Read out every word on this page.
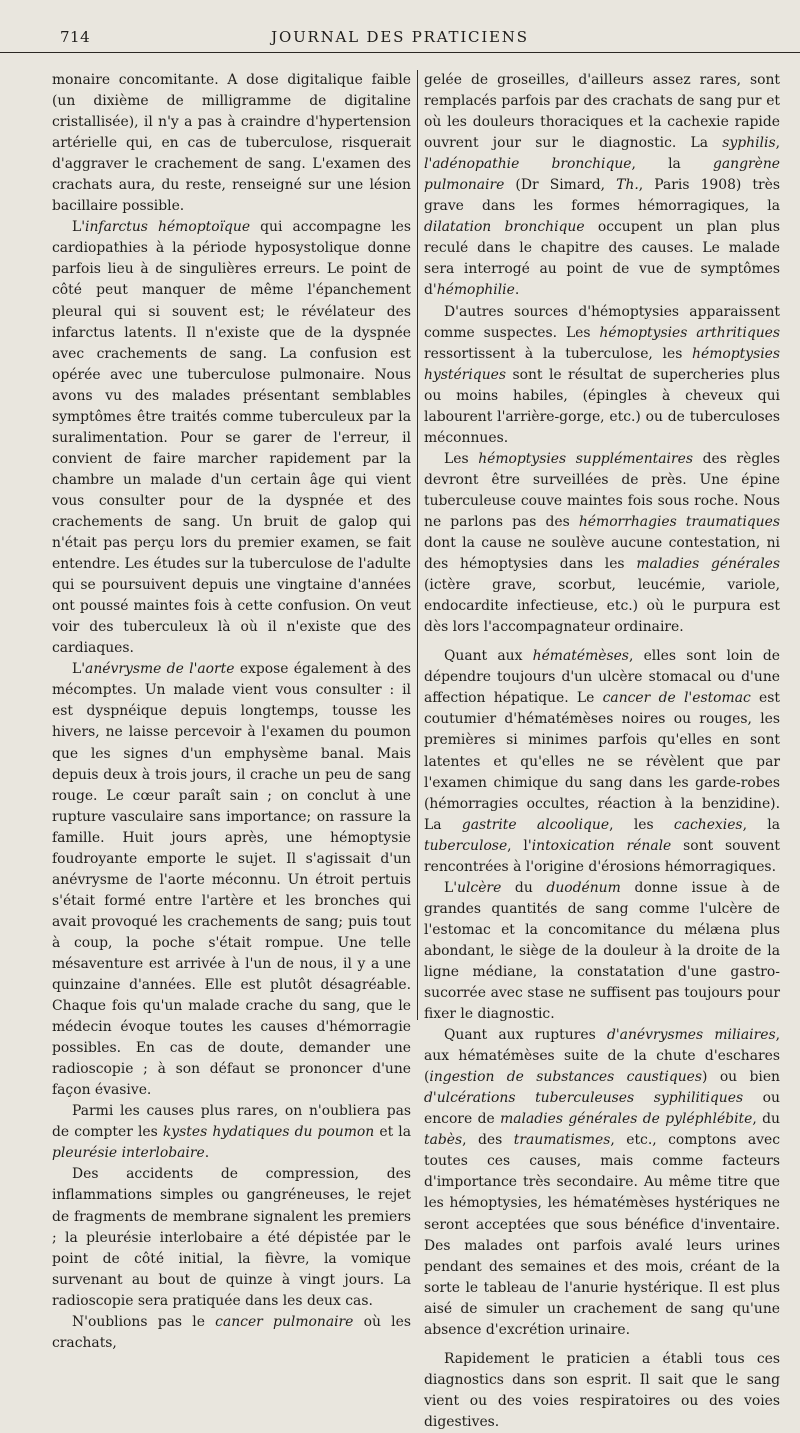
714	JOURNAL DES PRATICIENS

monaire concomitante. A dose digitalique faible (un dixième de milligramme de digitaline cristallisée), il n'y a pas à craindre d'hypertension artérielle qui, en cas de tuberculose, risquerait d'aggraver le crachement de sang. L'examen des crachats aura, du reste, renseigné sur une lésion bacillaire possible.

L'infarctus hémoptoïque qui accompagne les cardiopathies à la période hyposystolique donne parfois lieu à de singulières erreurs. Le point de côté peut manquer de même l'épanchement pleural qui si souvent est; le révélateur des infarctus latents. Il n'existe que de la dyspnée avec crachements de sang. La confusion est opérée avec une tuberculose pulmonaire. Nous avons vu des malades présentant semblables symptômes être traités comme tuberculeux par la suralimentation. Pour se garer de l'erreur, il convient de faire marcher rapidement par la chambre un malade d'un certain âge qui vient vous consulter pour de la dyspnée et des crachements de sang. Un bruit de galop qui n'était pas perçu lors du premier examen, se fait entendre. Les études sur la tuberculose de l'adulte qui se poursuivent depuis une vingtaine d'années ont poussé maintes fois à cette confusion. On veut voir des tuberculeux là où il n'existe que des cardiaques.

L'anévrysme de l'aorte expose également à des mécomptes. Un malade vient vous consulter : il est dyspnéique depuis longtemps, tousse les hivers, ne laisse percevoir à l'examen du poumon que les signes d'un emphysème banal. Mais depuis deux à trois jours, il crache un peu de sang rouge. Le cœur paraît sain ; on conclut à une rupture vasculaire sans importance; on rassure la famille. Huit jours après, une hémoptysie foudroyante emporte le sujet. Il s'agissait d'un anévrysme de l'aorte méconnu. Un étroit pertuis s'était formé entre l'artère et les bronches qui avait provoqué les crachements de sang; puis tout à coup, la poche s'était rompue. Une telle mésaventure est arrivée à l'un de nous, il y a une quinzaine d'années. Elle est plutôt désagréable. Chaque fois qu'un malade crache du sang, que le médecin évoque toutes les causes d'hémorragie possibles. En cas de doute, demander une radioscopie ; à son défaut se prononcer d'une façon évasive.

Parmi les causes plus rares, on n'oubliera pas de compter les kystes hydatiques du poumon et la pleurésie interlobaire.

Des accidents de compression, des inflammations simples ou gangréneuses, le rejet de fragments de membrane signalent les premiers ; la pleurésie interlobaire a été dépistée par le point de côté initial, la fièvre, la vomique survenant au bout de quinze à vingt jours. La radioscopie sera pratiquée dans les deux cas.

N'oublions pas le cancer pulmonaire où les crachats,

gelée de groseilles, d'ailleurs assez rares, sont remplacés parfois par des crachats de sang pur et où les douleurs thoraciques et la cachexie rapide ouvrent jour sur le diagnostic. La syphilis, l'adénopathie bronchique, la gangrène pulmonaire (Dr Simard, Th., Paris 1908) très grave dans les formes hémorragiques, la dilatation bronchique occupent un plan plus reculé dans le chapitre des causes. Le malade sera interrogé au point de vue de symptômes d'hémophilie.

D'autres sources d'hémoptysies apparaissent comme suspectes. Les hémoptysies arthritiques ressortissent à la tuberculose, les hémoptysies hystériques sont le résultat de supercheries plus ou moins habiles, (épingles à cheveux qui labourent l'arrière-gorge, etc.) ou de tuberculoses méconnues.

Les hémoptysies supplémentaires des règles devront être surveillées de près. Une épine tuberculeuse couve maintes fois sous roche. Nous ne parlons pas des hémorrhagies traumatiques dont la cause ne soulève aucune contestation, ni des hémoptysies dans les maladies générales (ictère grave, scorbut, leucémie, variole, endocardite infectieuse, etc.) où le purpura est dès lors l'accompagnateur ordinaire.

Quant aux hématémèses, elles sont loin de dépendre toujours d'un ulcère stomacal ou d'une affection hépatique. Le cancer de l'estomac est coutumier d'hématémèses noires ou rouges, les premières si minimes parfois qu'elles en sont latentes et qu'elles ne se révèlent que par l'examen chimique du sang dans les garde-robes (hémorragies occultes, réaction à la benzidine). La gastrite alcoolique, les cachexies, la tuberculose, l'intoxication rénale sont souvent rencontrées à l'origine d'érosions hémorragiques.

L'ulcère du duodénum donne issue à de grandes quantités de sang comme l'ulcère de l'estomac et la concomitance du mélæna plus abondant, le siège de la douleur à la droite de la ligne médiane, la constatation d'une gastro-sucorrée avec stase ne suffisent pas toujours pour fixer le diagnostic.

Quant aux ruptures d'anévrysmes miliaires, aux hématémèses suite de la chute d'eschares (ingestion de substances caustiques) ou bien d'ulcérations tuberculeuses syphilitiques ou encore de maladies générales de pyléphlébite, du tabès, des traumatismes, etc., comptons avec toutes ces causes, mais comme facteurs d'importance très secondaire. Au même titre que les hémoptysies, les hématémèses hystériques ne seront acceptées que sous bénéfice d'inventaire. Des malades ont parfois avalé leurs urines pendant des semaines et des mois, créant de la sorte le tableau de l'anurie hystérique. Il est plus aisé de simuler un crachement de sang qu'une absence d'excrétion urinaire.

Rapidement le praticien a établi tous ces diagnostics dans son esprit. Il sait que le sang vient ou des voies respiratoires ou des voies digestives.
